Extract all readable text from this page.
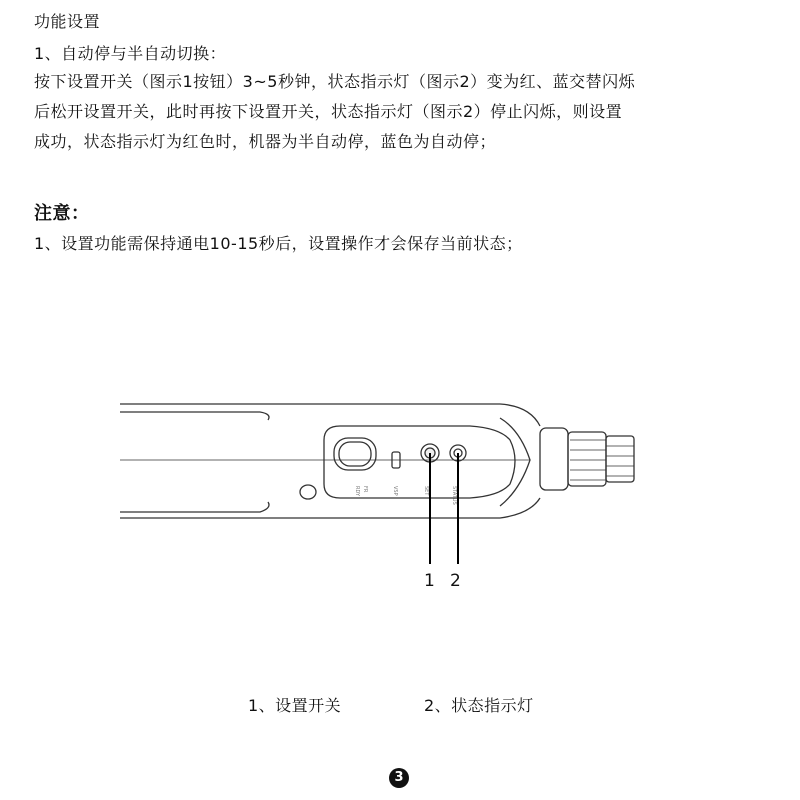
功能设置
1、自动停与半自动切换：
按下设置开关（图示1按钮）3~5秒钟，状态指示灯（图示2）变为红、蓝交替闪烁
后松开设置开关，此时再按下设置开关，状态指示灯（图示2）停止闪烁，则设置
成功，状态指示灯为红色时，机器为半自动停，蓝色为自动停；
注意：
1、设置功能需保持通电10-15秒后，设置操作才会保存当前状态；
RDY FR	VSP	SET	STATUS
1 2
1、设置开关	2、状态指示灯
3
